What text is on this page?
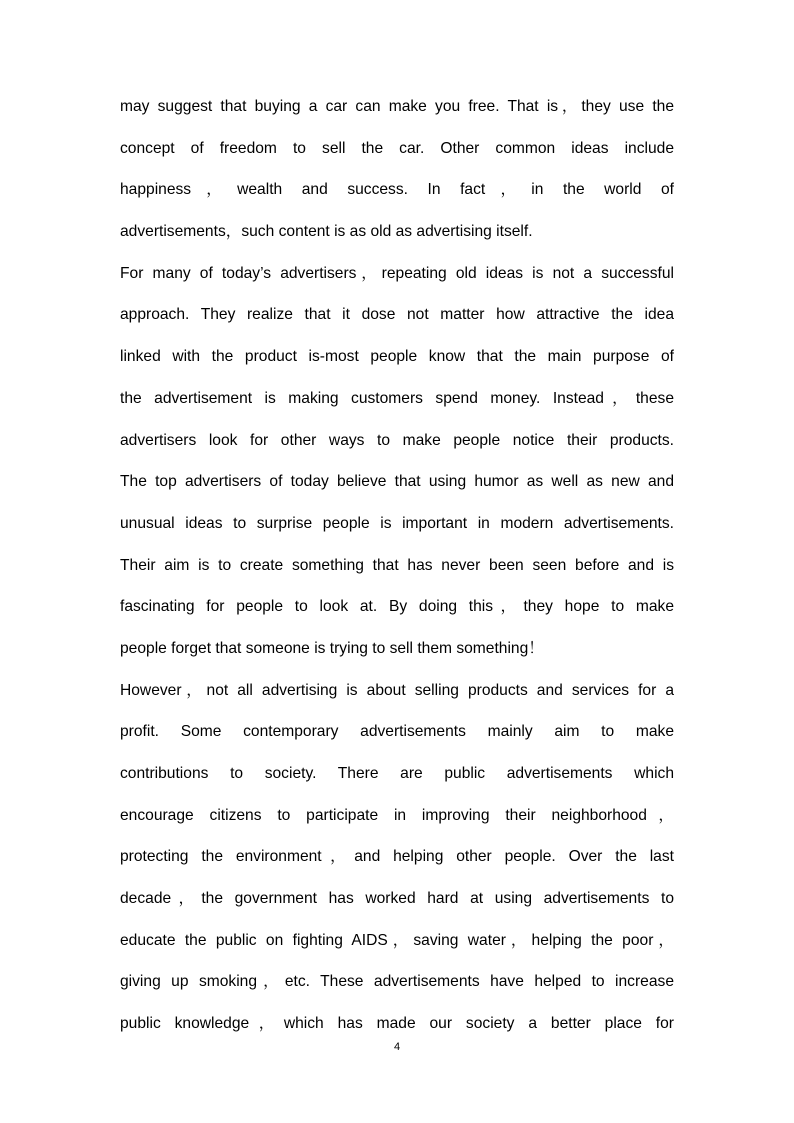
may suggest that buying a car can make you free. That is，they use the
concept of freedom to sell the car. Other common ideas include
happiness，wealth and success. In fact，in the world of
advertisements，such content is as old as advertising itself.
For many of today’s advertisers，repeating old ideas is not a successful
approach. They realize that it dose not matter how attractive the idea
linked with the product is-most people know that the main purpose of
the advertisement is making customers spend money. Instead，these
advertisers look for other ways to make people notice their products.
The top advertisers of today believe that using humor as well as new and
unusual ideas to surprise people is important in modern advertisements.
Their aim is to create something that has never been seen before and is
fascinating for people to look at. By doing this，they hope to make
people forget that someone is trying to sell them something！
However，not all advertising is about selling products and services for a
profit. Some contemporary advertisements mainly aim to make
contributions to society. There are public advertisements which
encourage citizens to participate in improving their neighborhood，
protecting the environment，and helping other people. Over the last
decade，the government has worked hard at using advertisements to
educate the public on fighting AIDS，saving water，helping the poor，
giving up smoking，etc. These advertisements have helped to increase
public knowledge，which has made our society a better place for
4
